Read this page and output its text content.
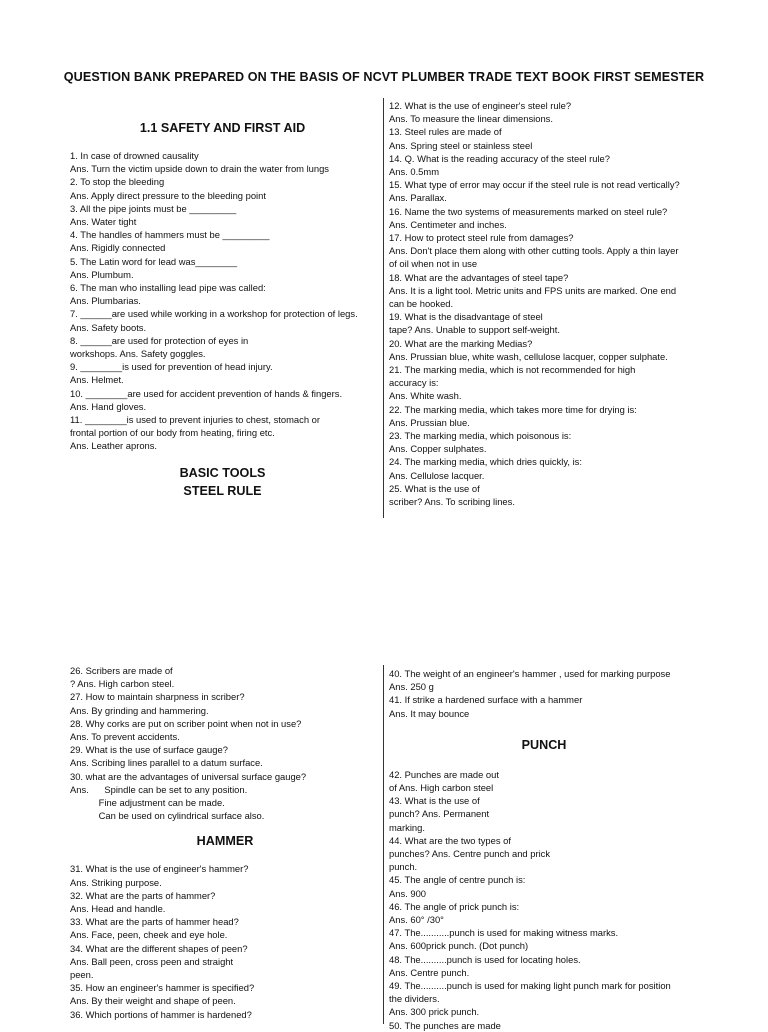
QUESTION BANK PREPARED ON THE BASIS OF NCVT PLUMBER TRADE TEXT BOOK FIRST SEMESTER
1.1 SAFETY AND FIRST AID
1. In case of drowned causality
Ans. Turn the victim upside down to drain the water from lungs
2. To stop the bleeding
Ans. Apply direct pressure to the bleeding point
3. All the pipe joints must be _________
Ans. Water tight
4. The handles of hammers must be _________
Ans. Rigidly connected
5. The Latin word for lead was________
Ans. Plumbum.
6. The man who installing lead pipe was called:
Ans. Plumbarias.
7. ______are used while working in a workshop for protection of legs.
Ans. Safety boots.
8. ______are used for protection of eyes in
workshops. Ans. Safety goggles.
9. ________is used for prevention of head injury.
Ans. Helmet.
10. ________are used for accident prevention of hands & fingers.
Ans. Hand gloves.
11. ________is used to prevent injuries to chest, stomach or
frontal portion of our body from heating, firing etc.
Ans. Leather aprons.
BASIC TOOLS
STEEL RULE
12. What is the use of engineer's steel rule?
Ans. To measure the linear dimensions.
13. Steel rules are made of
Ans. Spring steel or stainless steel
14. Q. What is the reading accuracy of the steel rule?
Ans. 0.5mm
15. What type of error may occur if the steel rule is not read vertically?
Ans. Parallax.
16. Name the two systems of measurements marked on steel rule?
Ans. Centimeter and inches.
17. How to protect steel rule from damages?
Ans. Don't place them along with other cutting tools. Apply a thin layer
of oil when not in use
18. What are the advantages of steel tape?
Ans. It is a light tool. Metric units and FPS units are marked. One end
can be hooked.
19. What is the disadvantage of steel
tape? Ans. Unable to support self-weight.
20. What are the marking Medias?
Ans. Prussian blue, white wash, cellulose lacquer, copper sulphate.
21. The marking media, which is not recommended for high
accuracy is:
Ans. White wash.
22. The marking media, which takes more time for drying is:
Ans. Prussian blue.
23. The marking media, which poisonous is:
Ans. Copper sulphates.
24. The marking media, which dries quickly, is:
Ans. Cellulose lacquer.
25. What is the use of
scriber? Ans. To scribing lines.
26. Scribers are made of
? Ans. High carbon steel.
27. How to maintain sharpness in scriber?
Ans. By grinding and hammering.
28. Why corks are put on scriber point when not in use?
Ans. To prevent accidents.
29. What is the use of surface gauge?
Ans. Scribing lines parallel to a datum surface.
30. what are the advantages of universal surface gauge?
Ans.      Spindle can be set to any position.
Fine adjustment can be made.
Can be used on cylindrical surface also.
HAMMER
31. What is the use of engineer's hammer?
Ans. Striking purpose.
32. What are the parts of hammer?
Ans. Head and handle.
33. What are the parts of hammer head?
Ans. Face, peen, cheek and eye hole.
34. What are the different shapes of peen?
Ans. Ball peen, cross peen and straight
peen.
35. How an engineer's hammer is specified?
Ans. By their weight and shape of peen.
36. Which portions of hammer is hardened?
40. The weight of an engineer's hammer , used for marking purpose
Ans. 250 g
41. If strike a hardened surface with a hammer
Ans. It may bounce
PUNCH
42. Punches are made out
of Ans. High carbon steel
43. What is the use of
punch? Ans. Permanent
marking.
44. What are the two types of
punches? Ans. Centre punch and prick
punch.
45. The angle of centre punch is:
Ans. 900
46. The angle of prick punch is:
Ans. 60° /30°
47. The...........punch is used for making witness marks.
Ans. 600prick punch. (Dot punch)
48. The..........punch is used for locating holes.
Ans. Centre punch.
49. The..........punch is used for making light punch mark for position
the dividers.
Ans. 300 prick punch.
50. The punches are made
